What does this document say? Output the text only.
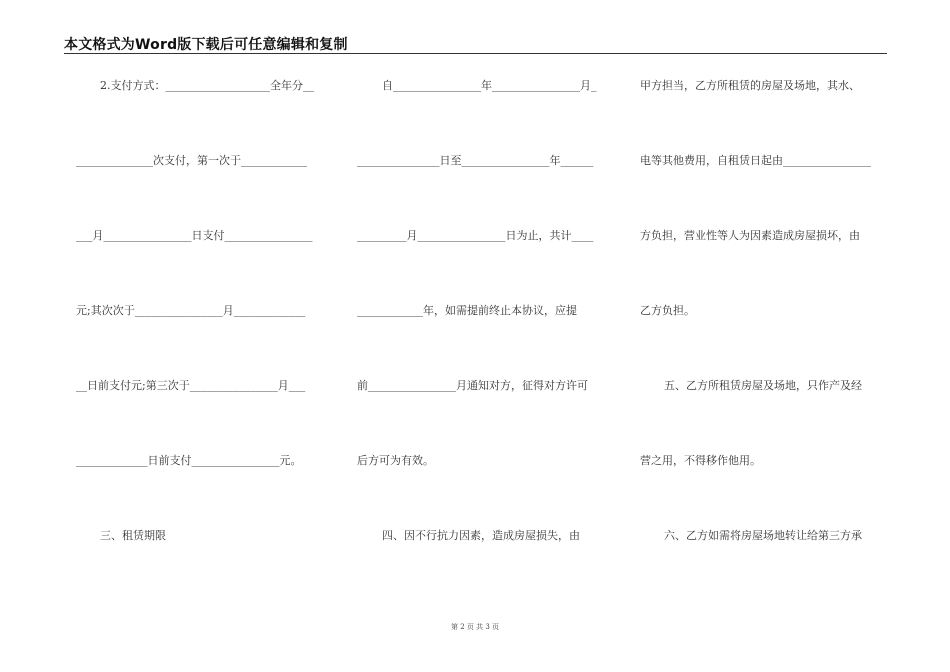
本文格式为Word版下载后可任意编辑和复制
2.支付方式：___________________全年分__
______________次支付，第一次于____________
___月________________日支付________________
元;其次次于________________月_____________
__日前支付元;第三次于________________月___
_____________日前支付________________元。
三、租赁期限
自________________年________________月_
_______________日至________________年______
_________月________________日为止，共计____
____________年，如需提前终止本协议，应提
前________________月通知对方，征得对方许可
后方可为有效。
四、因不行抗力因素，造成房屋损失，由
甲方担当，乙方所租赁的房屋及场地，其水、
电等其他费用，自租赁日起由________________
方负担，营业性等人为因素造成房屋损坏，由
乙方负担。
五、乙方所租赁房屋及场地，只作产及经
营之用，不得移作他用。
六、乙方如需将房屋场地转让给第三方承
第 2 页 共 3 页
